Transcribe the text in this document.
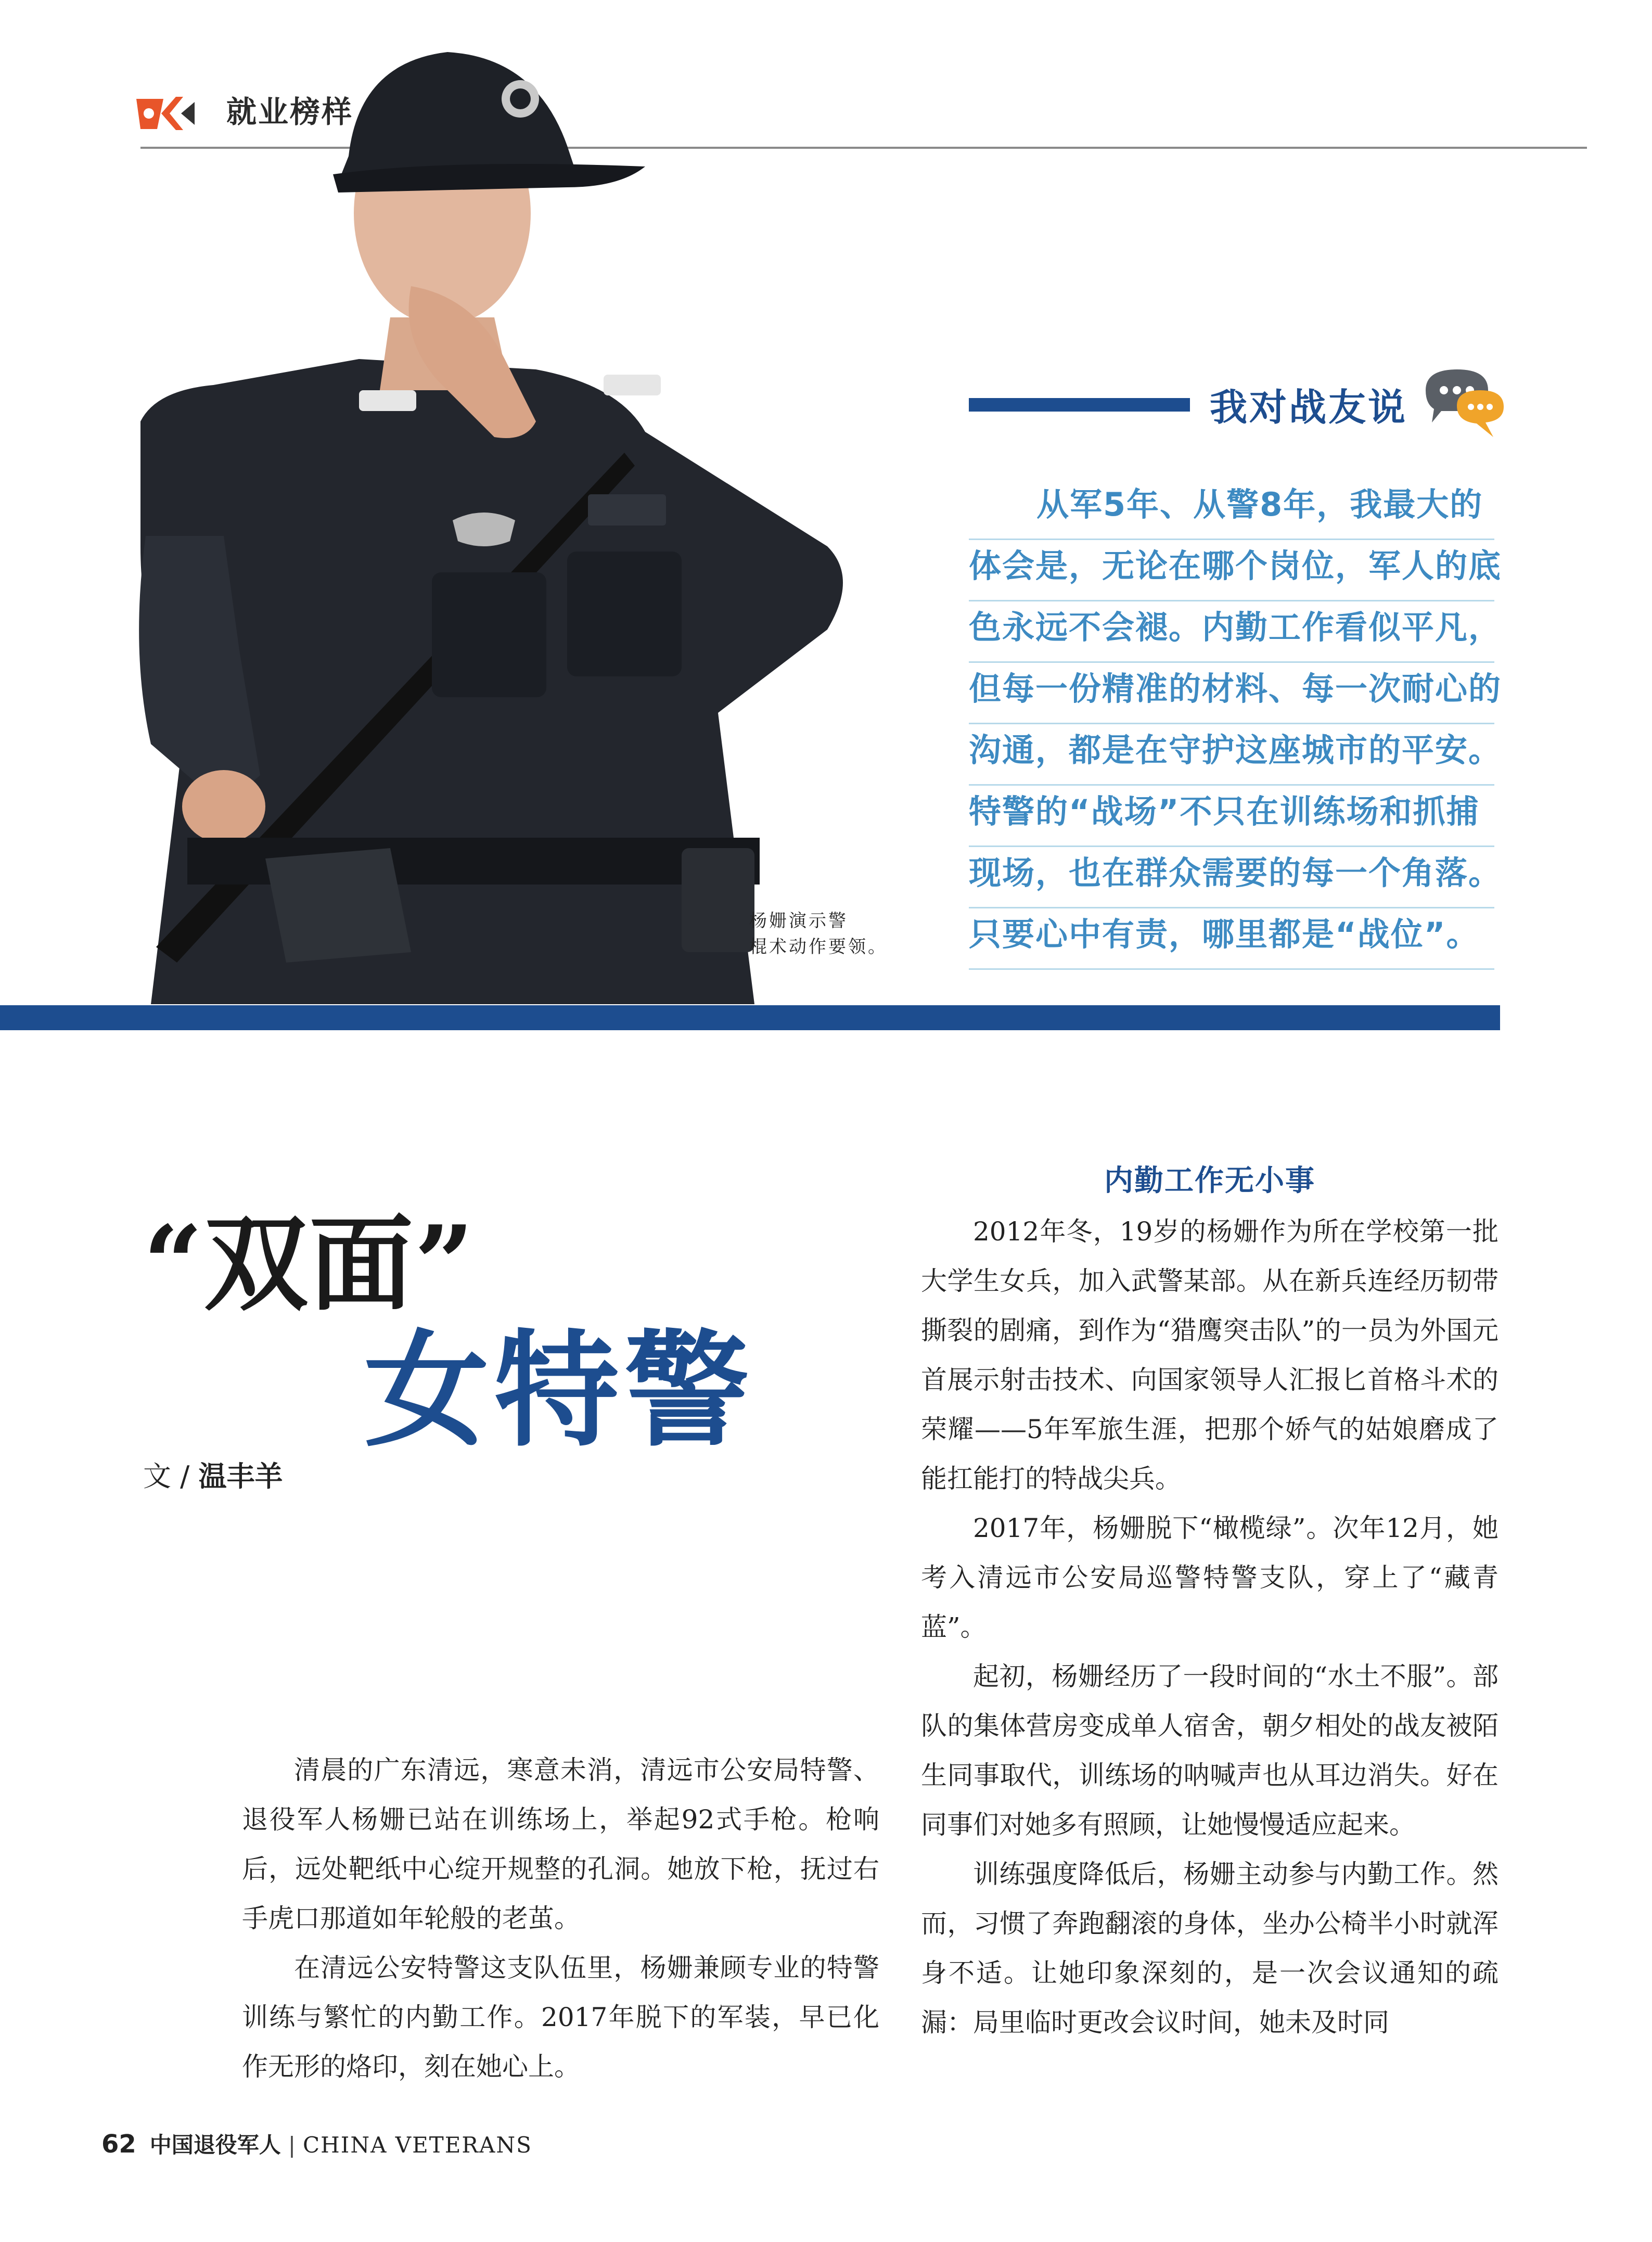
就业榜样
杨姗演示警
棍术动作要领。
我对战友说
从军5年、从警8年，我最大的
体会是，无论在哪个岗位，军人的底
色永远不会褪。内勤工作看似平凡，
但每一份精准的材料、每一次耐心的
沟通，都是在守护这座城市的平安。
特警的“战场”不只在训练场和抓捕
现场，也在群众需要的每一个角落。
只要心中有责，哪里都是“战位”。
“双面”
女特警
文 / 温丰羊

清晨的广东清远，寒意未消，清远市公安局特警、退役军人杨姗已站在训练场上，举起92式手枪。枪响后，远处靶纸中心绽开规整的孔洞。她放下枪，抚过右手虎口那道如年轮般的老茧。

在清远公安特警这支队伍里，杨姗兼顾专业的特警训练与繁忙的内勤工作。2017年脱下的军装，早已化作无形的烙印，刻在她心上。

内勤工作无小事

2012年冬，19岁的杨姗作为所在学校第一批大学生女兵，加入武警某部。从在新兵连经历韧带撕裂的剧痛，到作为“猎鹰突击队”的一员为外国元首展示射击技术、向国家领导人汇报匕首格斗术的荣耀——5年军旅生涯，把那个娇气的姑娘磨成了能扛能打的特战尖兵。

2017年，杨姗脱下“橄榄绿”。次年12月，她考入清远市公安局巡警特警支队，穿上了“藏青蓝”。

起初，杨姗经历了一段时间的“水土不服”。部队的集体营房变成单人宿舍，朝夕相处的战友被陌生同事取代，训练场的呐喊声也从耳边消失。好在同事们对她多有照顾，让她慢慢适应起来。

训练强度降低后，杨姗主动参与内勤工作。然而，习惯了奔跑翻滚的身体，坐办公椅半小时就浑身不适。让她印象深刻的，是一次会议通知的疏漏：局里临时更改会议时间，她未及时同

62 中国退役军人 | CHINA VETERANS
